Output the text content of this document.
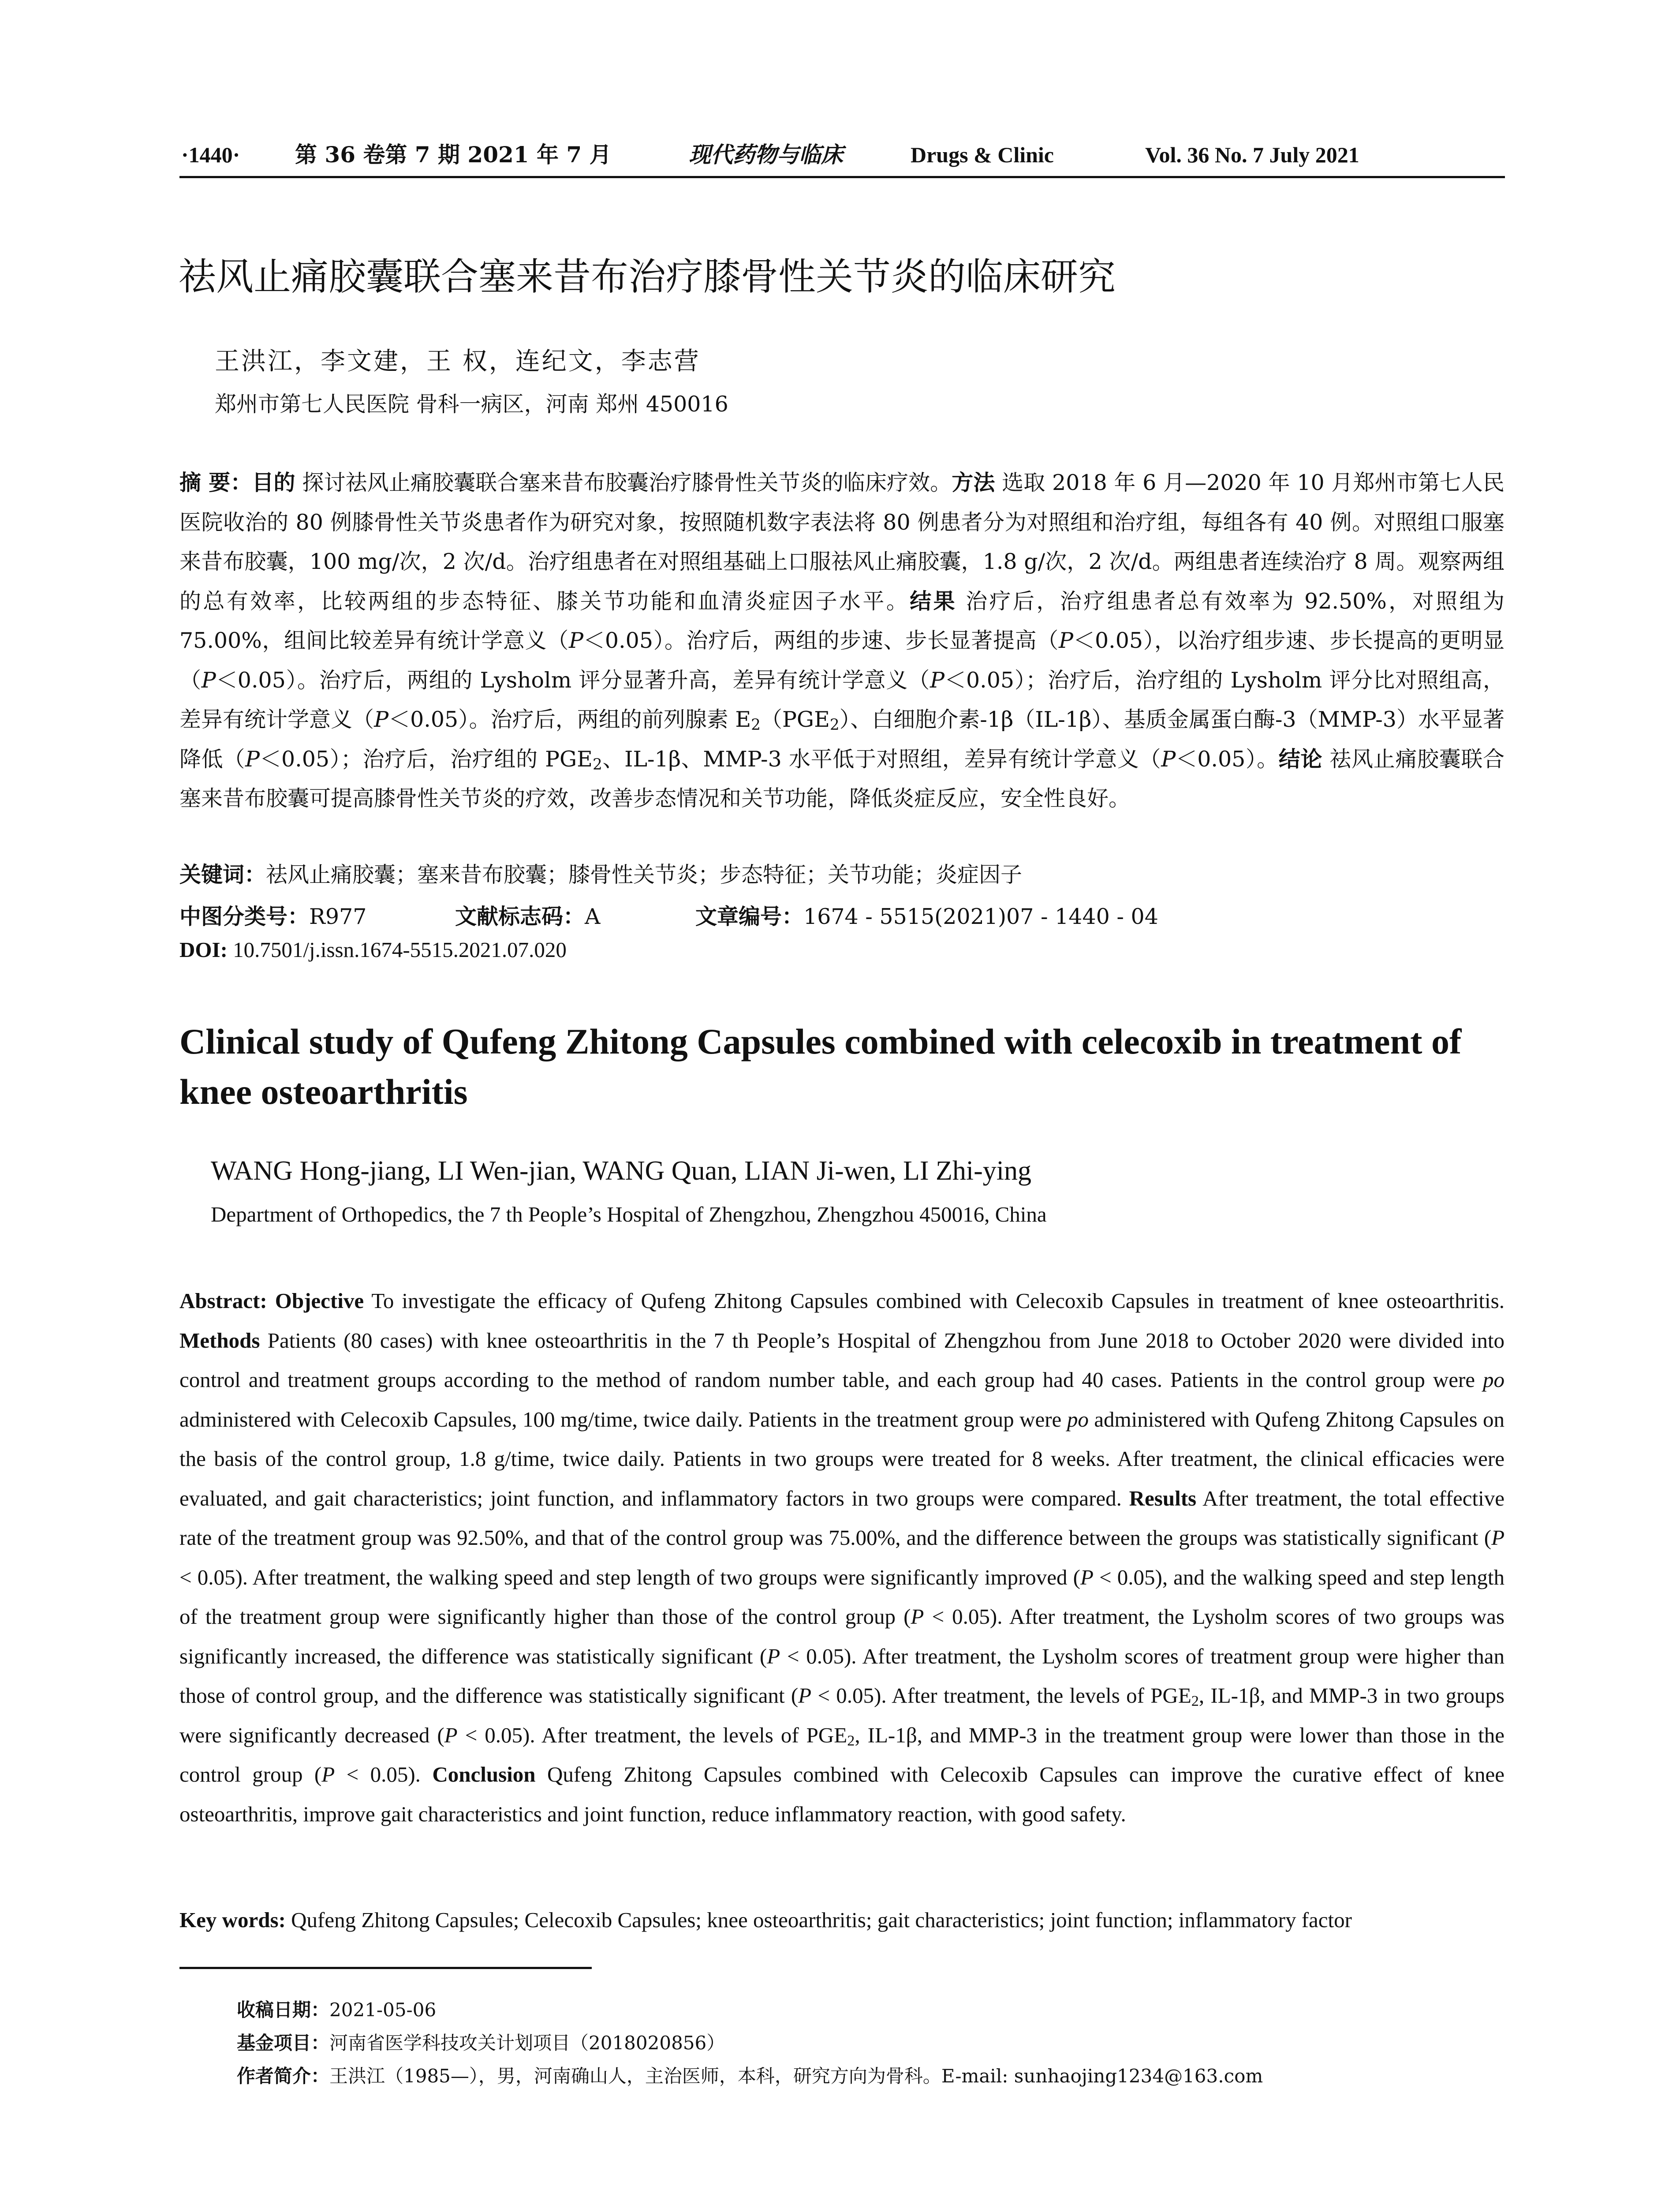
·1440· 第 36 卷第 7 期 2021 年 7 月	现代药物与临床	Drugs & Clinic	Vol. 36 No. 7 July 2021
祛风止痛胶囊联合塞来昔布治疗膝骨性关节炎的临床研究
王洪江，李文建，王 权，连纪文，李志营
郑州市第七人民医院 骨科一病区，河南 郑州 450016
摘 要：目的 探讨祛风止痛胶囊联合塞来昔布胶囊治疗膝骨性关节炎的临床疗效。方法 选取 2018 年 6 月—2020 年 10 月郑州市第七人民医院收治的 80 例膝骨性关节炎患者作为研究对象，按照随机数字表法将 80 例患者分为对照组和治疗组，每组各有 40 例。对照组口服塞来昔布胶囊，100 mg/次，2 次/d。治疗组患者在对照组基础上口服祛风止痛胶囊，1.8 g/次，2 次/d。两组患者连续治疗 8 周。观察两组的总有效率，比较两组的步态特征、膝关节功能和血清炎症因子水平。结果 治疗后，治疗组患者总有效率为 92.50%，对照组为 75.00%，组间比较差异有统计学意义（P＜0.05）。治疗后，两组的步速、步长显著提高（P＜0.05），以治疗组步速、步长提高的更明显（P＜0.05）。治疗后，两组的 Lysholm 评分显著升高，差异有统计学意义（P＜0.05）；治疗后，治疗组的 Lysholm 评分比对照组高，差异有统计学意义（P＜0.05）。治疗后，两组的前列腺素 $E_2(PGE_2)$、白细胞介素-1β（IL-1β）、基质金属蛋白酶-3（MMP-3）水平显著降低（P＜0.05）；治疗后，治疗组的 $PGE_2$、IL-1β、MMP-3 水平低于对照组，差异有统计学意义（P＜0.05）。结论 祛风止痛胶囊联合塞来昔布胶囊可提高膝骨性关节炎的疗效，改善步态情况和关节功能，降低炎症反应，安全性良好。
关键词：祛风止痛胶囊；塞来昔布胶囊；膝骨性关节炎；步态特征；关节功能；炎症因子
中图分类号：R977	文献标志码：A	文章编号：1674 - 5515(2021)07 - 1440 - 04
DOI: 10.7501/j.issn.1674-5515.2021.07.020
Clinical study of Qufeng Zhitong Capsules combined with celecoxib in treatment of knee osteoarthritis
WANG Hong-jiang, LI Wen-jian, WANG Quan, LIAN Ji-wen, LI Zhi-ying
Department of Orthopedics, the 7 th People’s Hospital of Zhengzhou, Zhengzhou 450016, China
Abstract: Objective To investigate the efficacy of Qufeng Zhitong Capsules combined with Celecoxib Capsules in treatment of knee osteoarthritis. Methods Patients (80 cases) with knee osteoarthritis in the 7 th People’s Hospital of Zhengzhou from June 2018 to October 2020 were divided into control and treatment groups according to the method of random number table, and each group had 40 cases. Patients in the control group were po administered with Celecoxib Capsules, 100 mg/time, twice daily. Patients in the treatment group were po administered with Qufeng Zhitong Capsules on the basis of the control group, 1.8 g/time, twice daily. Patients in two groups were treated for 8 weeks. After treatment, the clinical efficacies were evaluated, and gait characteristics; joint function, and inflammatory factors in two groups were compared. Results After treatment, the total effective rate of the treatment group was 92.50%, and that of the control group was 75.00%, and the difference between the groups was statistically significant (P < 0.05). After treatment, the walking speed and step length of two groups were significantly improved (P < 0.05), and the walking speed and step length of the treatment group were significantly higher than those of the control group (P < 0.05). After treatment, the Lysholm scores of two groups was significantly increased, the difference was statistically significant (P < 0.05). After treatment, the Lysholm scores of treatment group were higher than those of control group, and the difference was statistically significant (P < 0.05). After treatment, the levels of $PGE_2$, IL-1β, and MMP-3 in two groups were significantly decreased (P < 0.05). After treatment, the levels of $PGE_2$, IL-1β, and MMP-3 in the treatment group were lower than those in the control group (P < 0.05). Conclusion Qufeng Zhitong Capsules combined with Celecoxib Capsules can improve the curative effect of knee osteoarthritis, improve gait characteristics and joint function, reduce inflammatory reaction, with good safety.
Key words: Qufeng Zhitong Capsules; Celecoxib Capsules; knee osteoarthritis; gait characteristics; joint function; inflammatory factor
收稿日期：2021-05-06
基金项目：河南省医学科技攻关计划项目（2018020856）
作者简介：王洪江（1985—），男，河南确山人，主治医师，本科，研究方向为骨科。E-mail: sunhaojing1234@163.com
